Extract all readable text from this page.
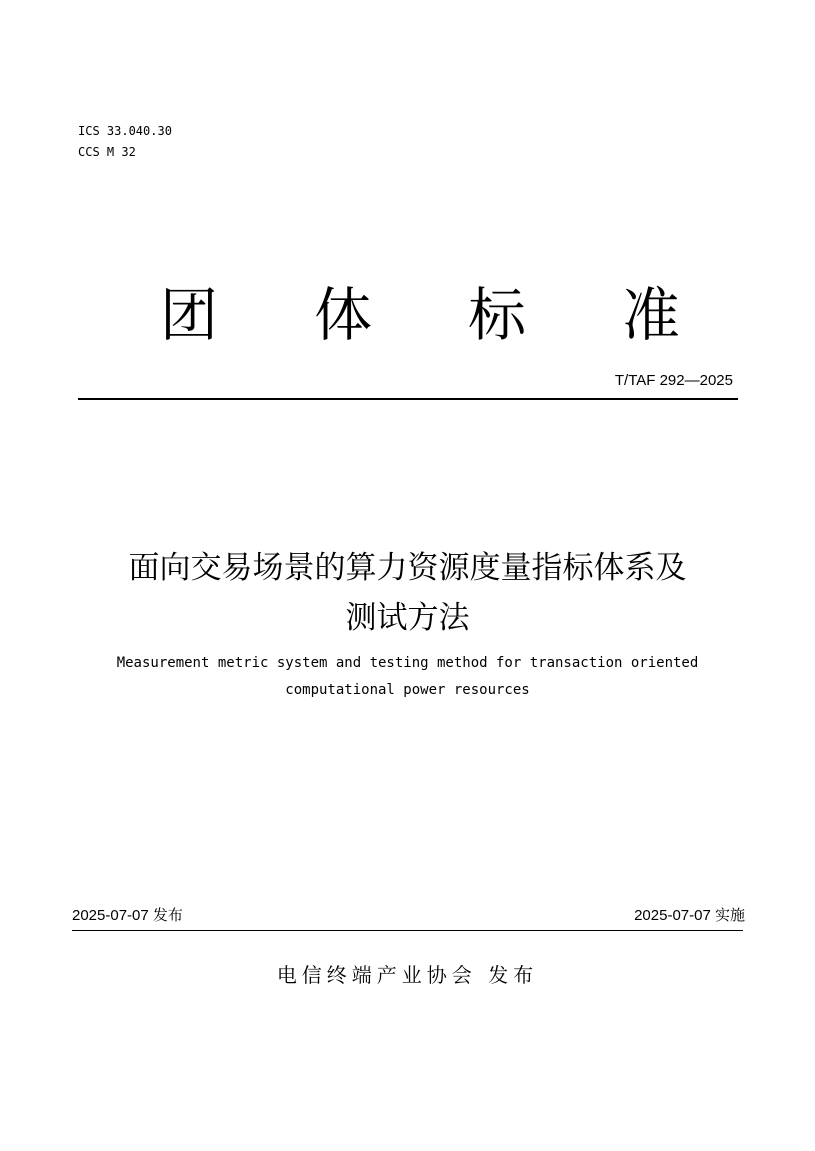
ICS 33.040.30
CCS M 32
团 体 标 准
T/TAF 292—2025
面向交易场景的算力资源度量指标体系及
测试方法
Measurement metric system and testing method for transaction oriented
computational power resources
2025-07-07 发布	2025-07-07 实施
电信终端产业协会 发布
